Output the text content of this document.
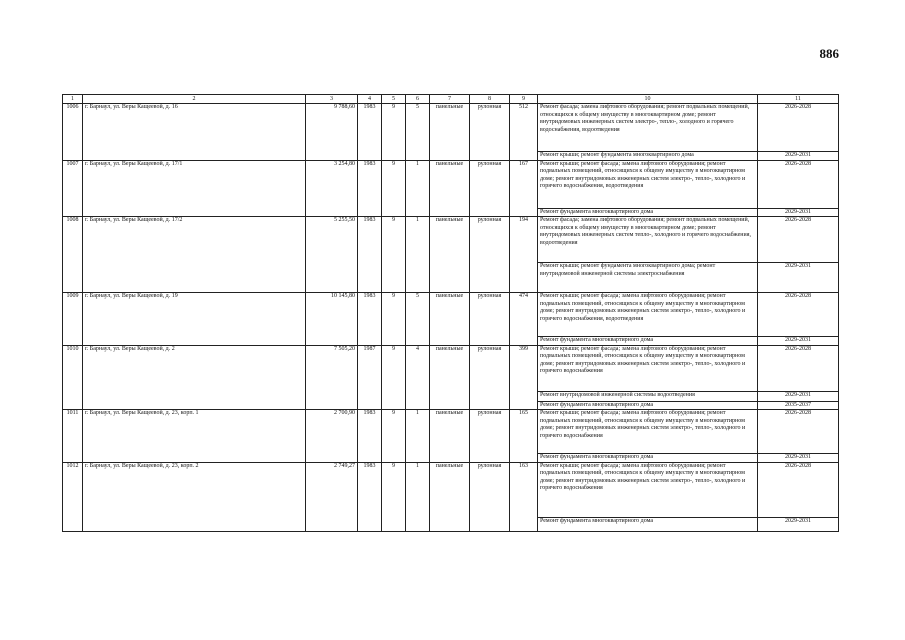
886
1	2	3	4	5	6	7	8	9	10	11
1006	г. Барнаул, ул. Веры Кащеевой, д. 16	9 788,60	1983	9	5	панельные	рулонная	512	Ремонт фасада; замена лифтового оборудования; ремонт подвальных помещений, относящихся к общему имуществу в многоквартирном доме; ремонт внутридомовых инженерных систем электро-, тепло-, холодного и горячего водоснабжения, водоотведения	2026-2028
									Ремонт крыши; ремонт фундамента многоквартирного дома	2029-2031
1007	г. Барнаул, ул. Веры Кащеевой, д. 17/1	3 254,80	1983	9	1	панельные	рулонная	167	Ремонт крыши; ремонт фасада; замена лифтового оборудования; ремонт подвальных помещений, относящихся к общему имуществу в многоквартирном доме; ремонт внутридомовых инженерных систем электро-, тепло-, холодного и горячего водоснабжения, водоотведения	2026-2028
									Ремонт фундамента многоквартирного дома	2029-2031
1008	г. Барнаул, ул. Веры Кащеевой, д. 17/2	5 255,50	1983	9	1	панельные	рулонная	194	Ремонт фасада; замена лифтового оборудования; ремонт подвальных помещений, относящихся к общему имуществу в многоквартирном доме; ремонт внутридомовых инженерных систем тепло-, холодного и горячего водоснабжения, водоотведения	2026-2028
									Ремонт крыши; ремонт фундамента многоквартирного дома; ремонт внутридомовой инженерной системы электроснабжения	2029-2031
1009	г. Барнаул, ул. Веры Кащеевой, д. 19	10 145,80	1983	9	5	панельные	рулонная	474	Ремонт крыши; ремонт фасада; замена лифтового оборудования; ремонт подвальных помещений, относящихся к общему имуществу в многоквартирном доме; ремонт внутридомовых инженерных систем электро-, тепло-, холодного и горячего водоснабжения, водоотведения	2026-2028
									Ремонт фундамента многоквартирного дома	2029-2031
1010	г. Барнаул, ул. Веры Кащеевой, д. 2	7 505,20	1987	9	4	панельные	рулонная	399	Ремонт крыши; ремонт фасада; замена лифтового оборудования; ремонт подвальных помещений, относящихся к общему имуществу в многоквартирном доме; ремонт внутридомовых инженерных систем электро-, тепло-, холодного и горячего водоснабжения	2026-2028
									Ремонт внутридомовой инженерной системы водоотведения	2029-2031
									Ремонт фундамента многоквартирного дома	2035-2037
1011	г. Барнаул, ул. Веры Кащеевой, д. 23, корп. 1	2 700,90	1983	9	1	панельные	рулонная	165	Ремонт крыши; ремонт фасада; замена лифтового оборудования; ремонт подвальных помещений, относящихся к общему имуществу в многоквартирном доме; ремонт внутридомовых инженерных систем электро-, тепло-, холодного и горячего водоснабжения	2026-2028
									Ремонт фундамента многоквартирного дома	2029-2031
1012	г. Барнаул, ул. Веры Кащеевой, д. 23, корп. 2	2 749,27	1983	9	1	панельные	рулонная	163	Ремонт крыши; ремонт фасада; замена лифтового оборудования; ремонт подвальных помещений, относящихся к общему имуществу в многоквартирном доме; ремонт внутридомовых инженерных систем электро-, тепло-, холодного и горячего водоснабжения	2026-2028
									Ремонт фундамента многоквартирного дома	2029-2031
